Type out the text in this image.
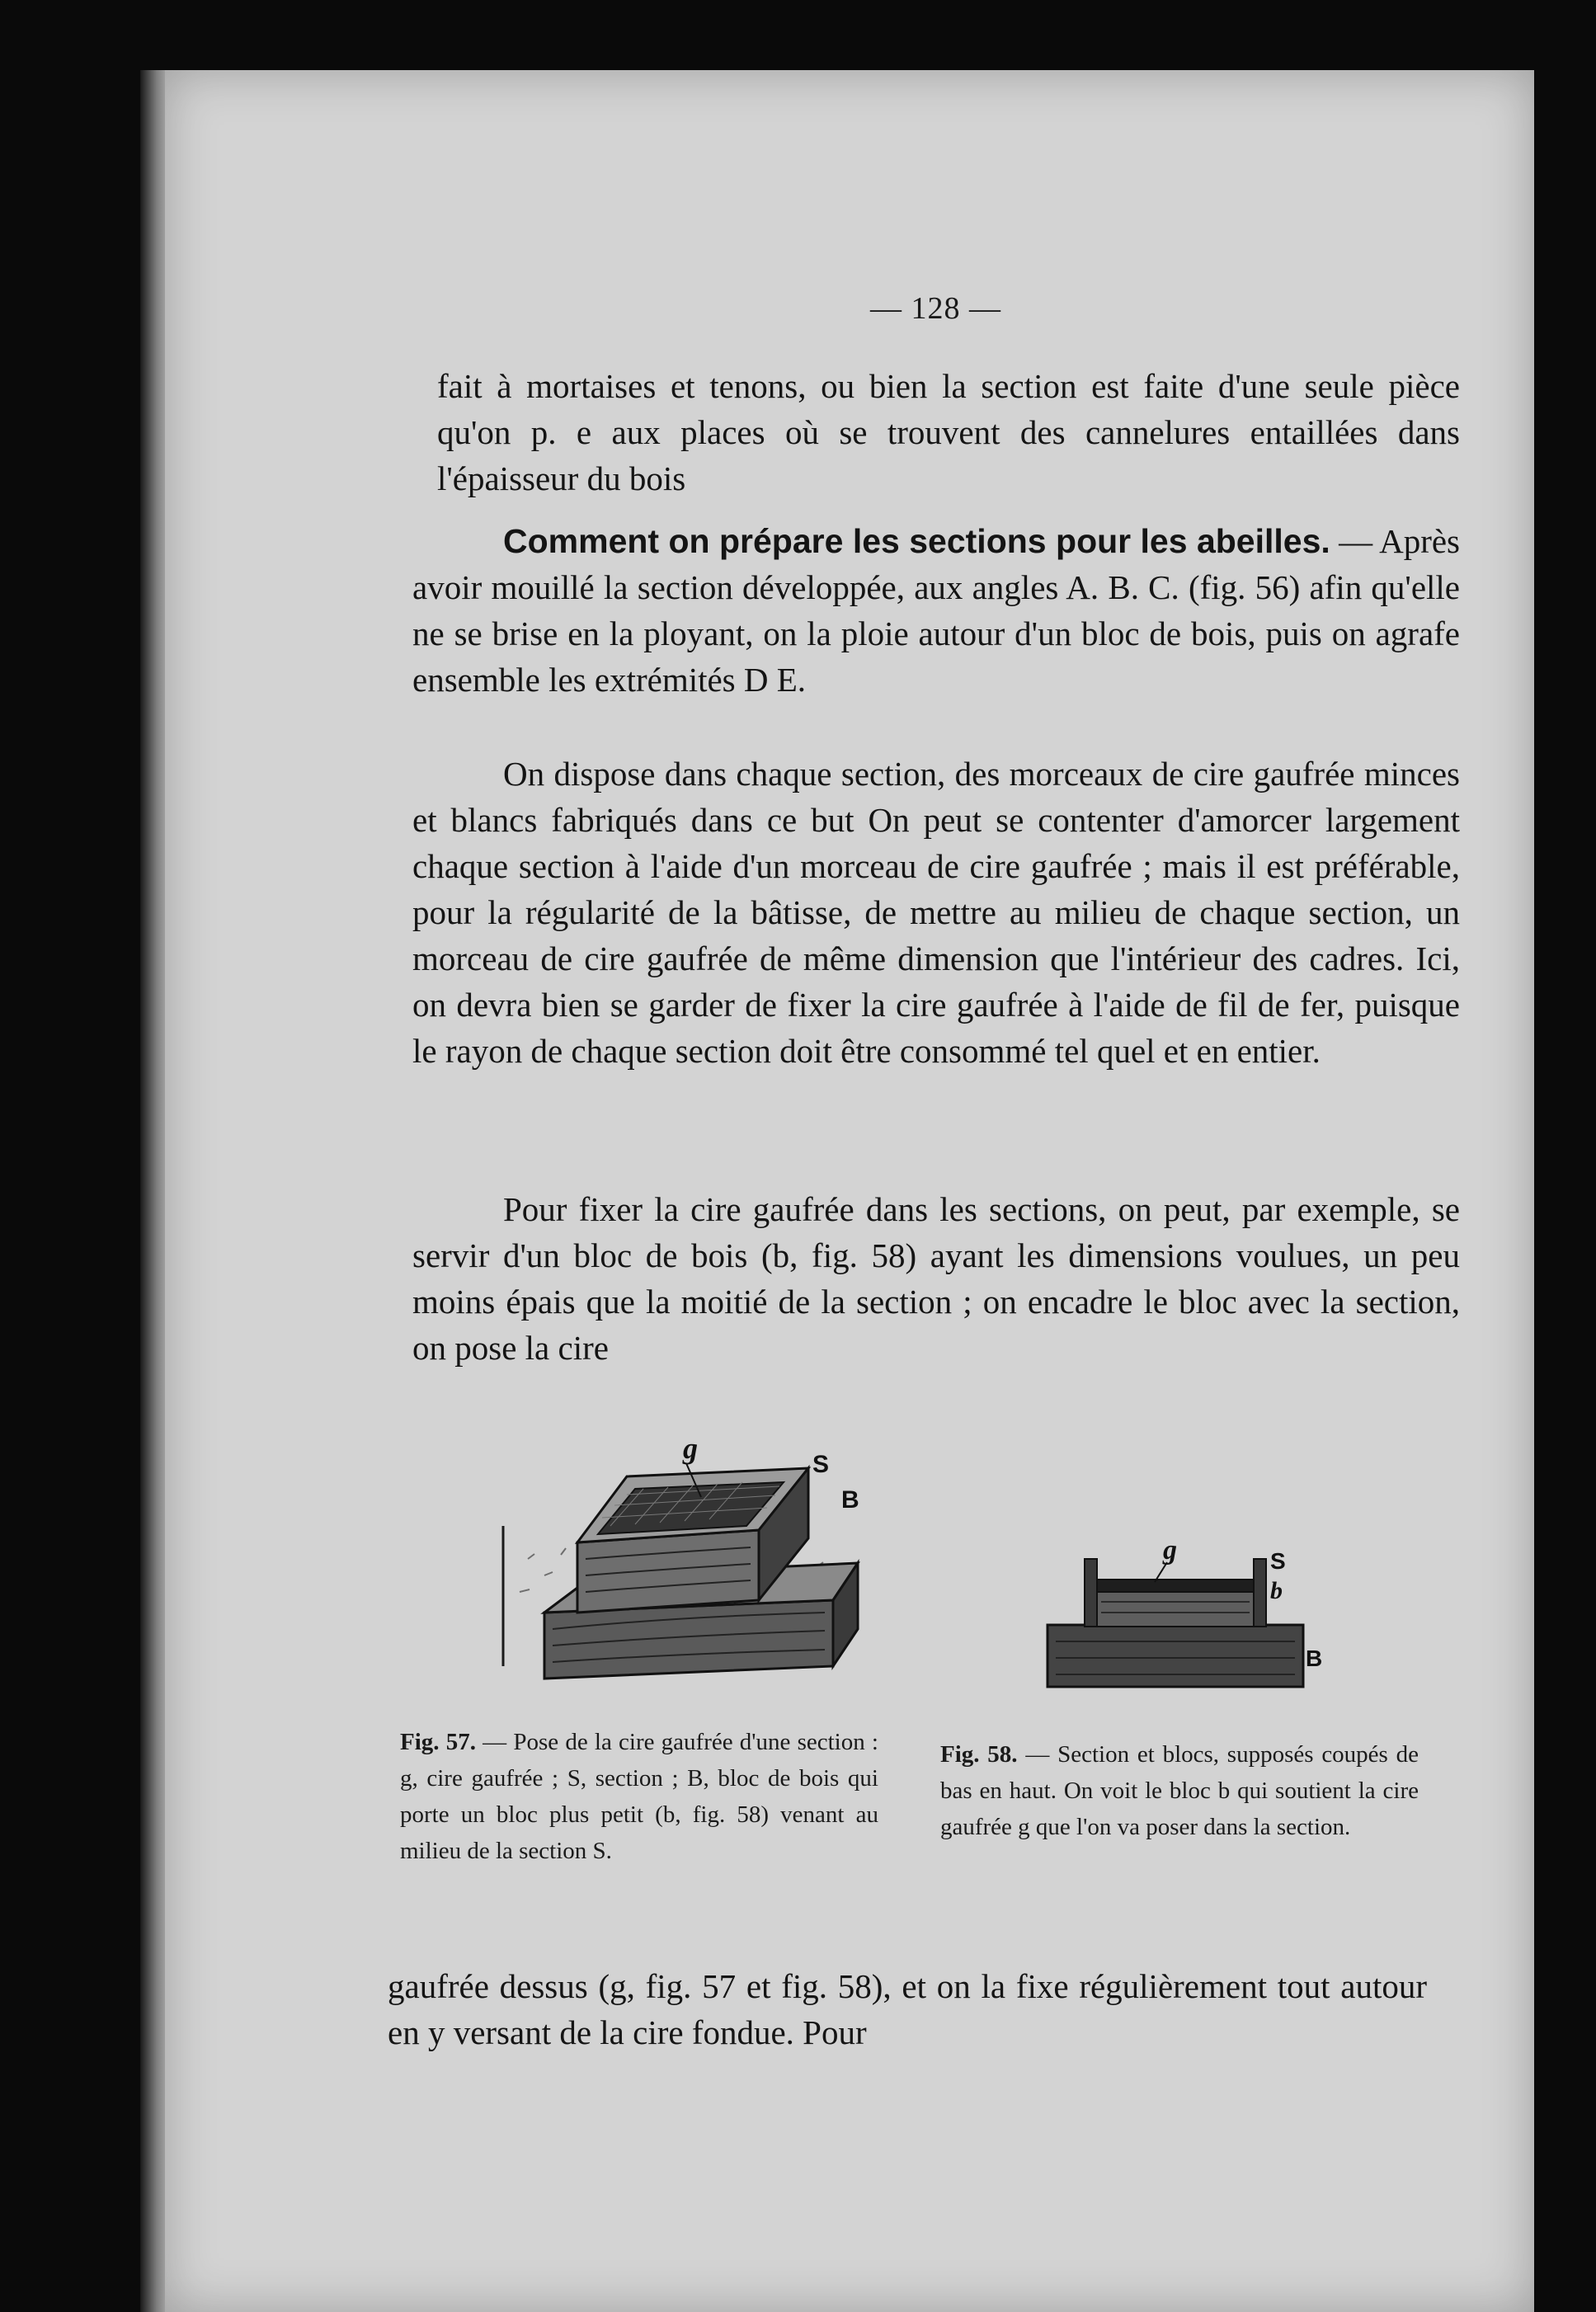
— 128 —

fait à mortaises et tenons, ou bien la section est faite d'une seule pièce qu'on p. e aux places où se trouvent des cannelures entaillées dans l'épaisseur du bois

Comment on prépare les sections pour les abeilles. — Après avoir mouillé la section développée, aux angles A. B. C. (fig. 56) afin qu'elle ne se brise en la ployant, on la ploie autour d'un bloc de bois, puis on agrafe ensemble les extrémités D E.

On dispose dans chaque section, des morceaux de cire gaufrée minces et blancs fabriqués dans ce but On peut se contenter d'amorcer largement chaque section à l'aide d'un morceau de cire gaufrée ; mais il est préférable, pour la régularité de la bâtisse, de mettre au milieu de chaque section, un morceau de cire gaufrée de même dimension que l'intérieur des cadres. Ici, on devra bien se garder de fixer la cire gaufrée à l'aide de fil de fer, puisque le rayon de chaque section doit être consommé tel quel et en entier.

Pour fixer la cire gaufrée dans les sections, on peut, par exemple, se servir d'un bloc de bois (b, fig. 58) ayant les dimensions voulues, un peu moins épais que la moitié de la section ; on encadre le bloc avec la section, on pose la cire

g	S
B
g	S
b
B

Fig. 57. — Pose de la cire gaufrée d'une section : g, cire gaufrée ; S, section ; B, bloc de bois qui porte un bloc plus petit (b, fig. 58) venant au milieu de la section S.

Fig. 58. — Section et blocs, supposés coupés de bas en haut. On voit le bloc b qui soutient la cire gaufrée g que l'on va poser dans la section.

gaufrée dessus (g, fig. 57 et fig. 58), et on la fixe régulièrement tout autour en y versant de la cire fondue. Pour
